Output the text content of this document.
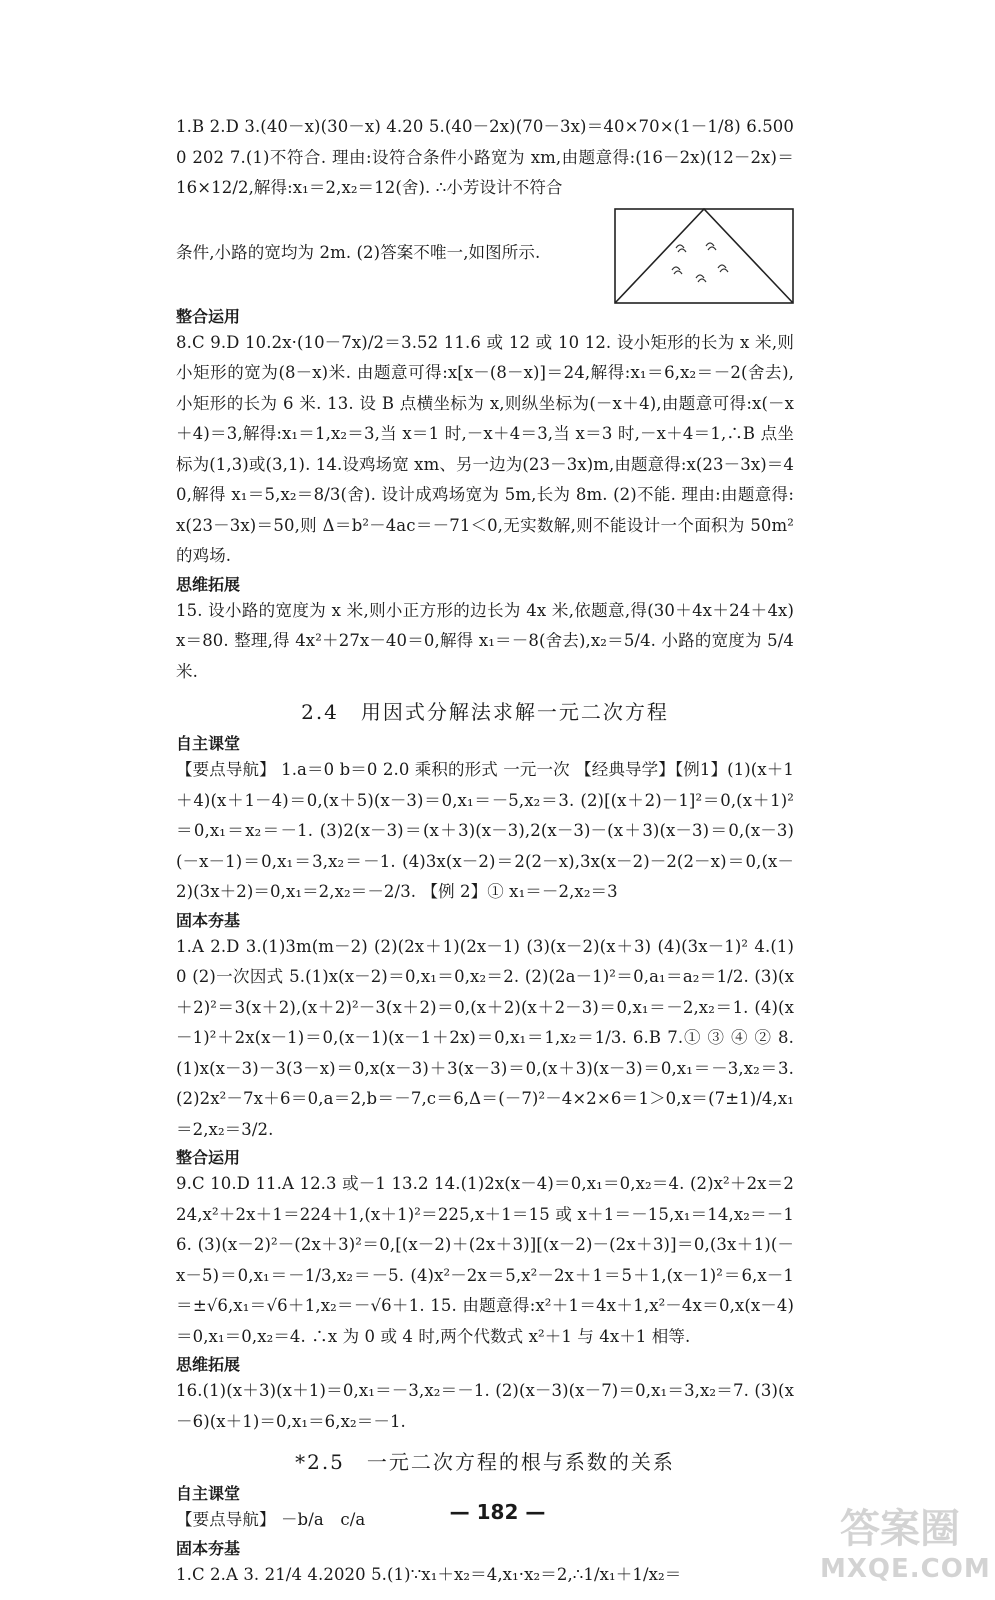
1.B 2.D 3.(40－x)(30－x) 4.20 5.(40－2x)(70－3x)＝40×70×(1－1/8) 6.5000 202 7.(1)不符合. 理由:设符合条件小路宽为 xm,由题意得:(16－2x)(12－2x)＝16×12/2,解得:x₁＝2,x₂＝12(舍). ∴小芳设计不符合

条件,小路的宽均为 2m. (2)答案不唯一,如图所示.

整合运用

8.C 9.D 10.2x·(10－7x)/2＝3.52 11.6 或 12 或 10 12. 设小矩形的长为 x 米,则小矩形的宽为(8－x)米. 由题意可得:x[x－(8－x)]＝24,解得:x₁＝6,x₂＝－2(舍去),小矩形的长为 6 米. 13. 设 B 点横坐标为 x,则纵坐标为(－x＋4),由题意可得:x(－x＋4)＝3,解得:x₁＝1,x₂＝3,当 x＝1 时,－x＋4＝3,当 x＝3 时,－x＋4＝1,∴B 点坐标为(1,3)或(3,1). 14.设鸡场宽 xm、另一边为(23－3x)m,由题意得:x(23－3x)＝40,解得 x₁＝5,x₂＝8/3(舍). 设计成鸡场宽为 5m,长为 8m. (2)不能. 理由:由题意得:x(23－3x)＝50,则 Δ＝b²－4ac＝－71＜0,无实数解,则不能设计一个面积为 50m² 的鸡场.

思维拓展

15. 设小路的宽度为 x 米,则小正方形的边长为 4x 米,依题意,得(30＋4x＋24＋4x)x＝80. 整理,得 4x²＋27x－40＝0,解得 x₁＝－8(舍去),x₂＝5/4. 小路的宽度为 5/4 米.

2.4　用因式分解法求解一元二次方程
自主课堂

【要点导航】 1.a＝0 b＝0 2.0 乘积的形式 一元一次 【经典导学】【例1】(1)(x＋1＋4)(x＋1－4)＝0,(x＋5)(x－3)＝0,x₁＝－5,x₂＝3. (2)[(x＋2)－1]²＝0,(x＋1)²＝0,x₁＝x₂＝－1. (3)2(x－3)＝(x＋3)(x－3),2(x－3)－(x＋3)(x－3)＝0,(x－3)(－x－1)＝0,x₁＝3,x₂＝－1. (4)3x(x－2)＝2(2－x),3x(x－2)－2(2－x)＝0,(x－2)(3x＋2)＝0,x₁＝2,x₂＝－2/3. 【例 2】① x₁＝－2,x₂＝3

固本夯基

1.A 2.D 3.(1)3m(m－2) (2)(2x＋1)(2x－1) (3)(x－2)(x＋3) (4)(3x－1)² 4.(1)0 (2)一次因式 5.(1)x(x－2)＝0,x₁＝0,x₂＝2. (2)(2a－1)²＝0,a₁＝a₂＝1/2. (3)(x＋2)²＝3(x＋2),(x＋2)²－3(x＋2)＝0,(x＋2)(x＋2－3)＝0,x₁＝－2,x₂＝1. (4)(x－1)²＋2x(x－1)＝0,(x－1)(x－1＋2x)＝0,x₁＝1,x₂＝1/3. 6.B 7.① ③ ④ ② 8.(1)x(x－3)－3(3－x)＝0,x(x－3)＋3(x－3)＝0,(x＋3)(x－3)＝0,x₁＝－3,x₂＝3. (2)2x²－7x＋6＝0,a＝2,b＝－7,c＝6,Δ＝(－7)²－4×2×6＝1＞0,x＝(7±1)/4,x₁＝2,x₂＝3/2.

整合运用

9.C 10.D 11.A 12.3 或－1 13.2 14.(1)2x(x－4)＝0,x₁＝0,x₂＝4. (2)x²＋2x＝224,x²＋2x＋1＝224＋1,(x＋1)²＝225,x＋1＝15 或 x＋1＝－15,x₁＝14,x₂＝－16. (3)(x－2)²－(2x＋3)²＝0,[(x－2)＋(2x＋3)][(x－2)－(2x＋3)]＝0,(3x＋1)(－x－5)＝0,x₁＝－1/3,x₂＝－5. (4)x²－2x＝5,x²－2x＋1＝5＋1,(x－1)²＝6,x－1＝±√6,x₁＝√6＋1,x₂＝－√6＋1. 15. 由题意得:x²＋1＝4x＋1,x²－4x＝0,x(x－4)＝0,x₁＝0,x₂＝4. ∴x 为 0 或 4 时,两个代数式 x²＋1 与 4x＋1 相等.

思维拓展

16.(1)(x＋3)(x＋1)＝0,x₁＝－3,x₂＝－1. (2)(x－3)(x－7)＝0,x₁＝3,x₂＝7. (3)(x－6)(x＋1)＝0,x₁＝6,x₂＝－1.

*2.5　一元二次方程的根与系数的关系
自主课堂

【要点导航】 －b/a　c/a

固本夯基

1.C 2.A 3. 21/4 4.2020 5.(1)∵x₁＋x₂＝4,x₁·x₂＝2,∴1/x₁＋1/x₂＝

— 182 —	答案圈
MXQE.COM
